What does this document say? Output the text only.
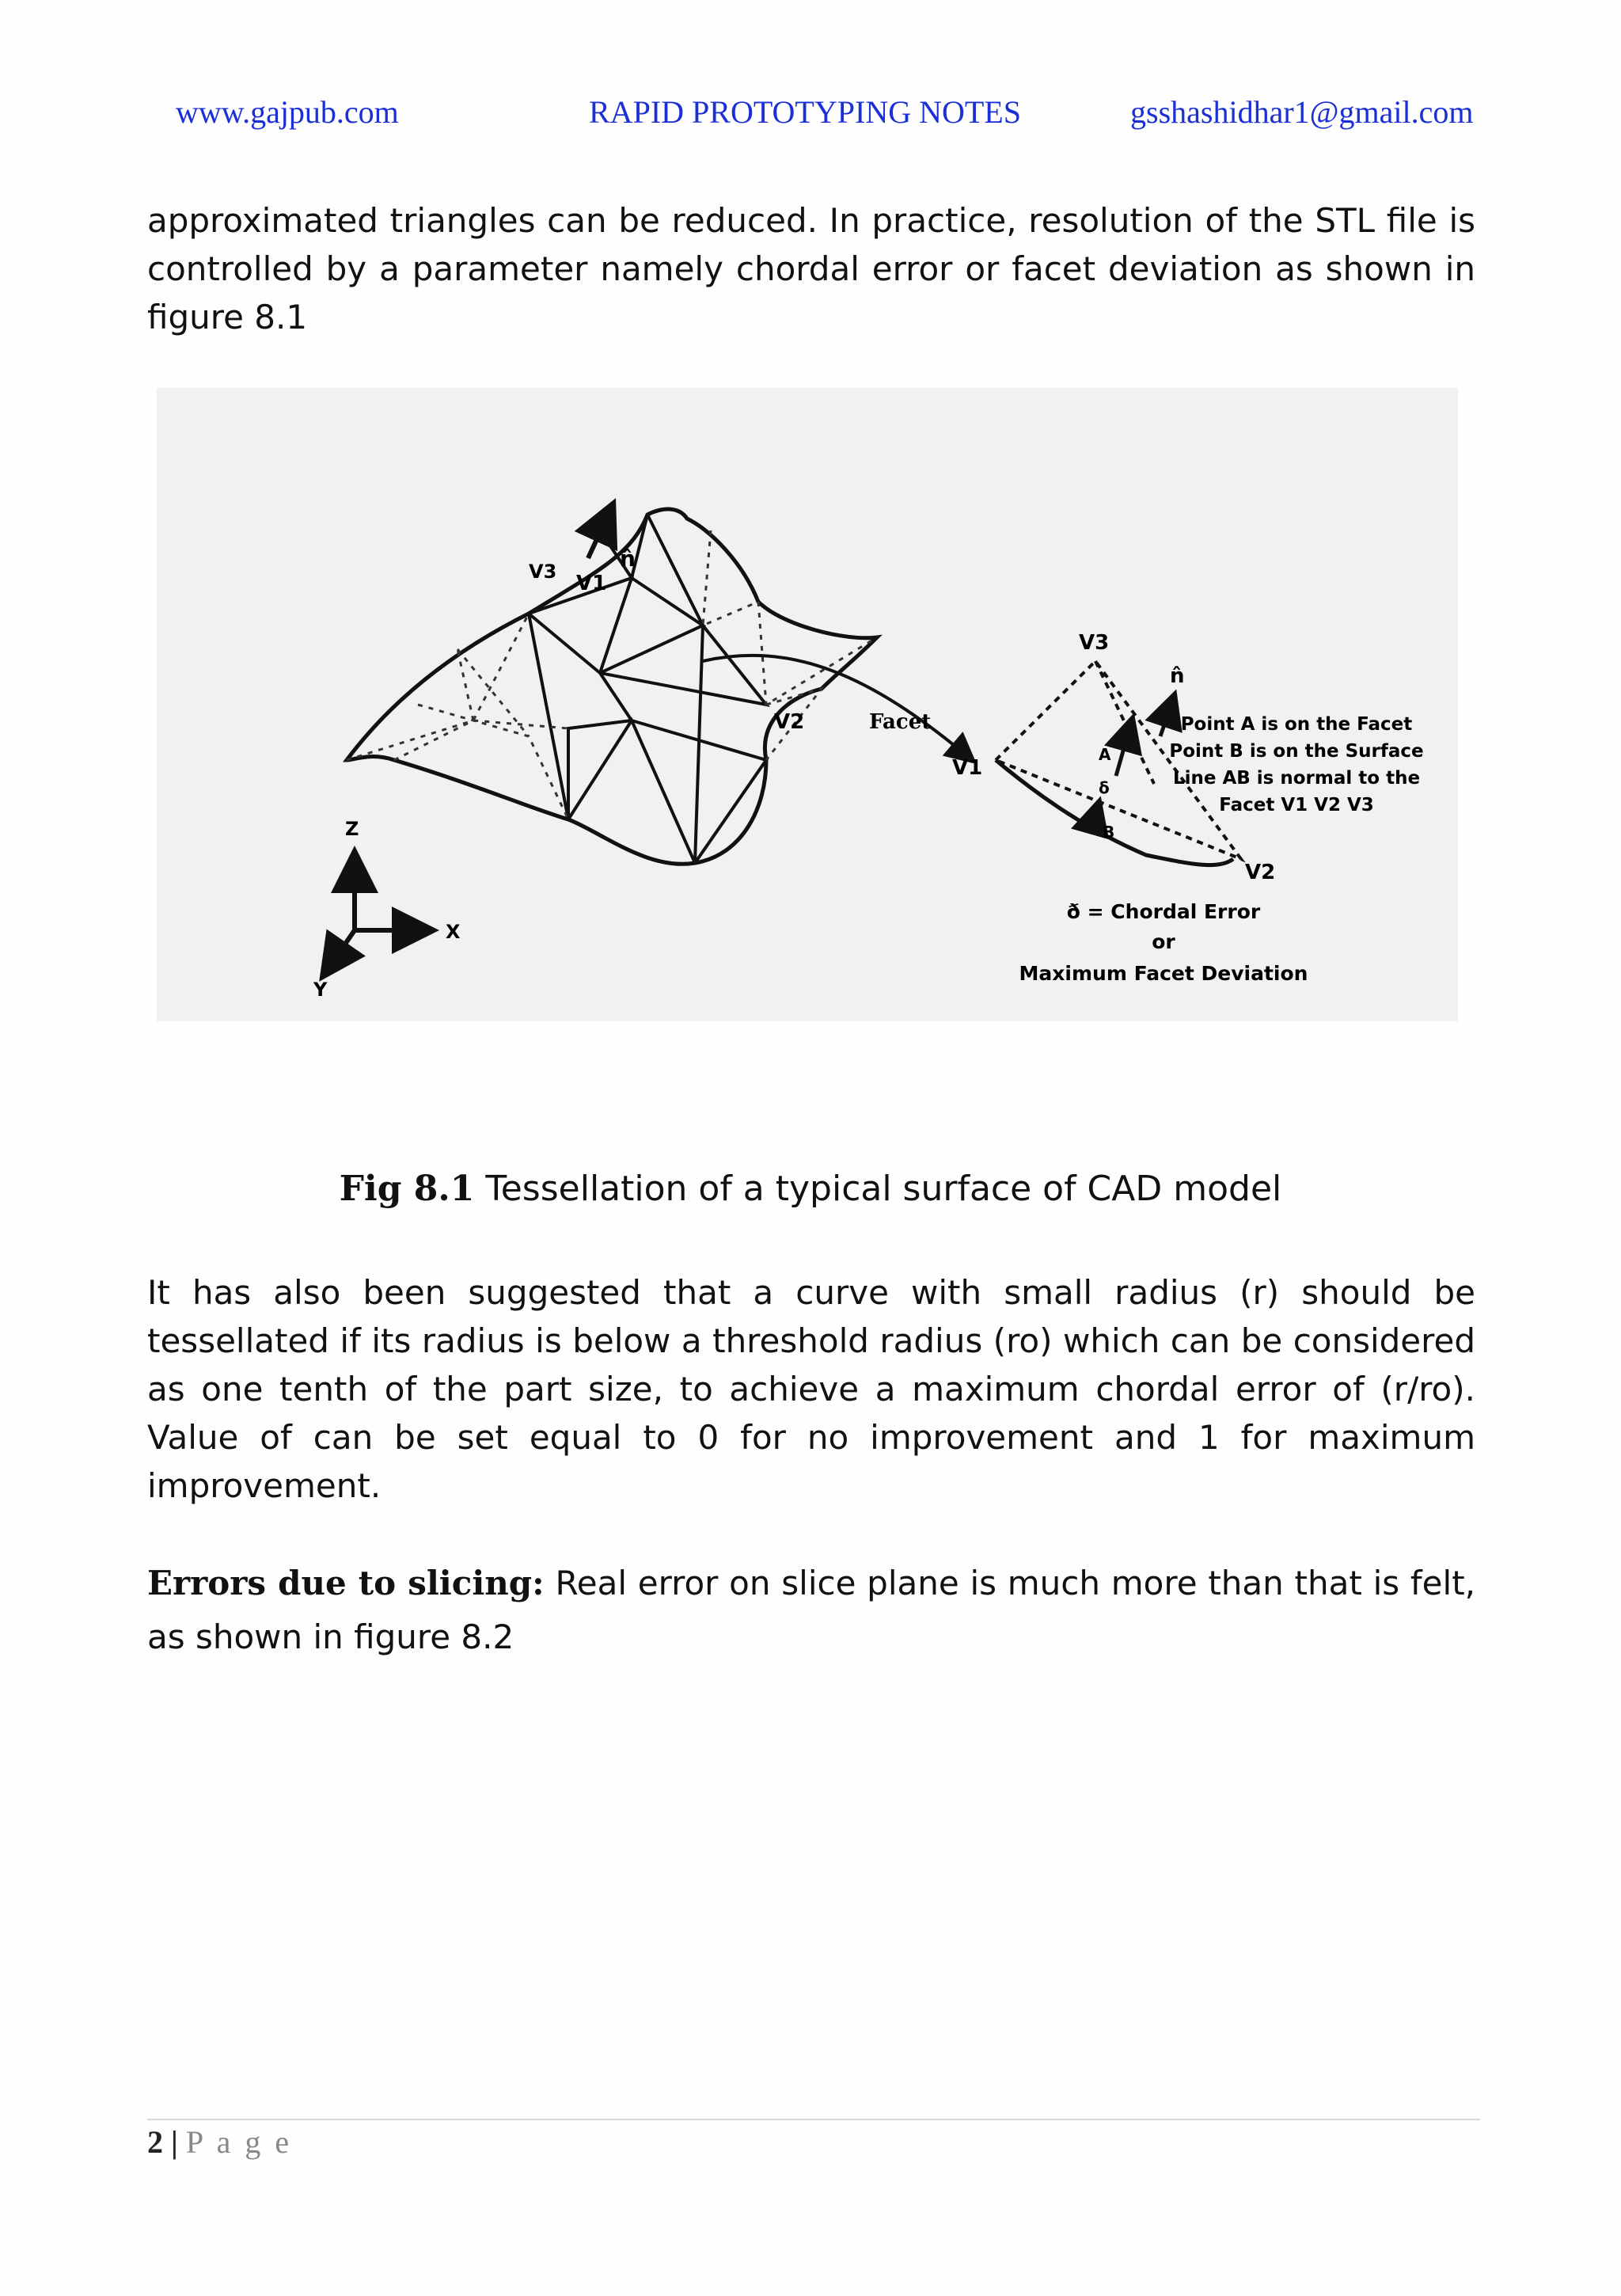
www.gajpub.com	RAPID PROTOTYPING NOTES	gsshashidhar1@gmail.com

approximated triangles can be reduced. In practice, resolution of the STL file is controlled by a parameter namely chordal error or facet deviation as shown in figure 8.1

V1
V3	n̂
V2	Facet
V3
V1
V2
n̂
A
B
δ
Point A is on the Facet
Point B is on the Surface
Line AB is normal to the
Facet V1 V2 V3
ð = Chordal Error
or
Maximum Facet Deviation
Z
X
Y
Fig 8.1 Tessellation of a typical surface of CAD model

It has also been suggested that a curve with small radius (r) should be tessellated if its radius is below a threshold radius (ro) which can be considered as one tenth of the part size, to achieve a maximum chordal error of (r/ro). Value of can be set equal to 0 for no improvement and 1 for maximum improvement.

Errors due to slicing: Real error on slice plane is much more than that is felt, as shown in figure 8.2

2 | P a g e
